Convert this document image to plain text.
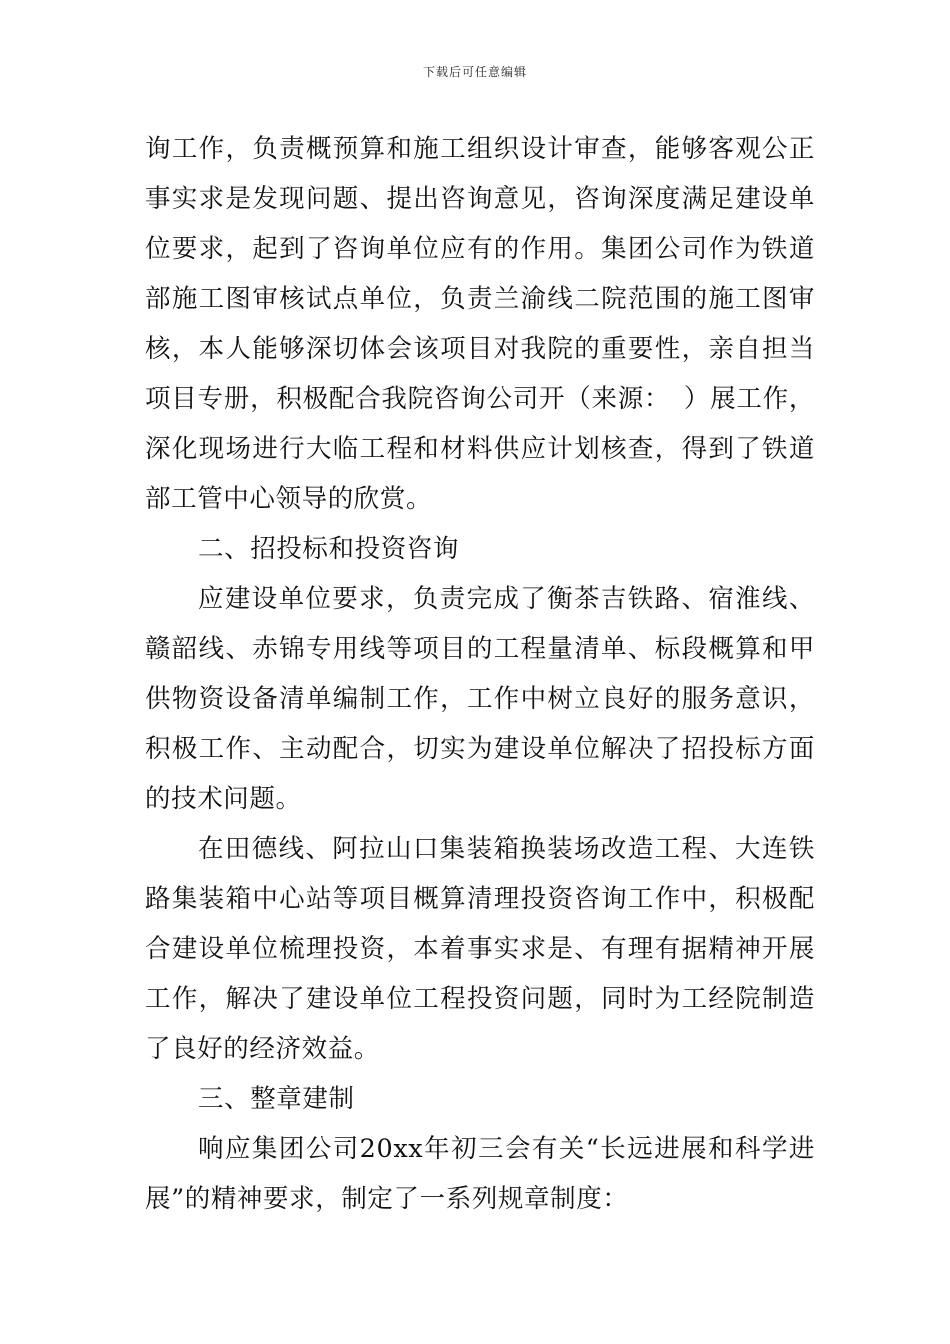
下载后可任意编辑

询工作，负责概预算和施工组织设计审查，能够客观公正事实求是发现问题、提出咨询意见，咨询深度满足建设单位要求，起到了咨询单位应有的作用。集团公司作为铁道部施工图审核试点单位，负责兰渝线二院范围的施工图审核，本人能够深切体会该项目对我院的重要性，亲自担当项目专册，积极配合我院咨询公司开（来源：　）展工作，深化现场进行大临工程和材料供应计划核查，得到了铁道部工管中心领导的欣赏。

二、招投标和投资咨询

应建设单位要求，负责完成了衡茶吉铁路、宿淮线、赣韶线、赤锦专用线等项目的工程量清单、标段概算和甲供物资设备清单编制工作，工作中树立良好的服务意识，积极工作、主动配合，切实为建设单位解决了招投标方面的技术问题。

在田德线、阿拉山口集装箱换装场改造工程、大连铁路集装箱中心站等项目概算清理投资咨询工作中，积极配合建设单位梳理投资，本着事实求是、有理有据精神开展工作，解决了建设单位工程投资问题，同时为工经院制造了良好的经济效益。

三、整章建制

响应集团公司20xx年初三会有关“长远进展和科学进展”的精神要求，制定了一系列规章制度：
